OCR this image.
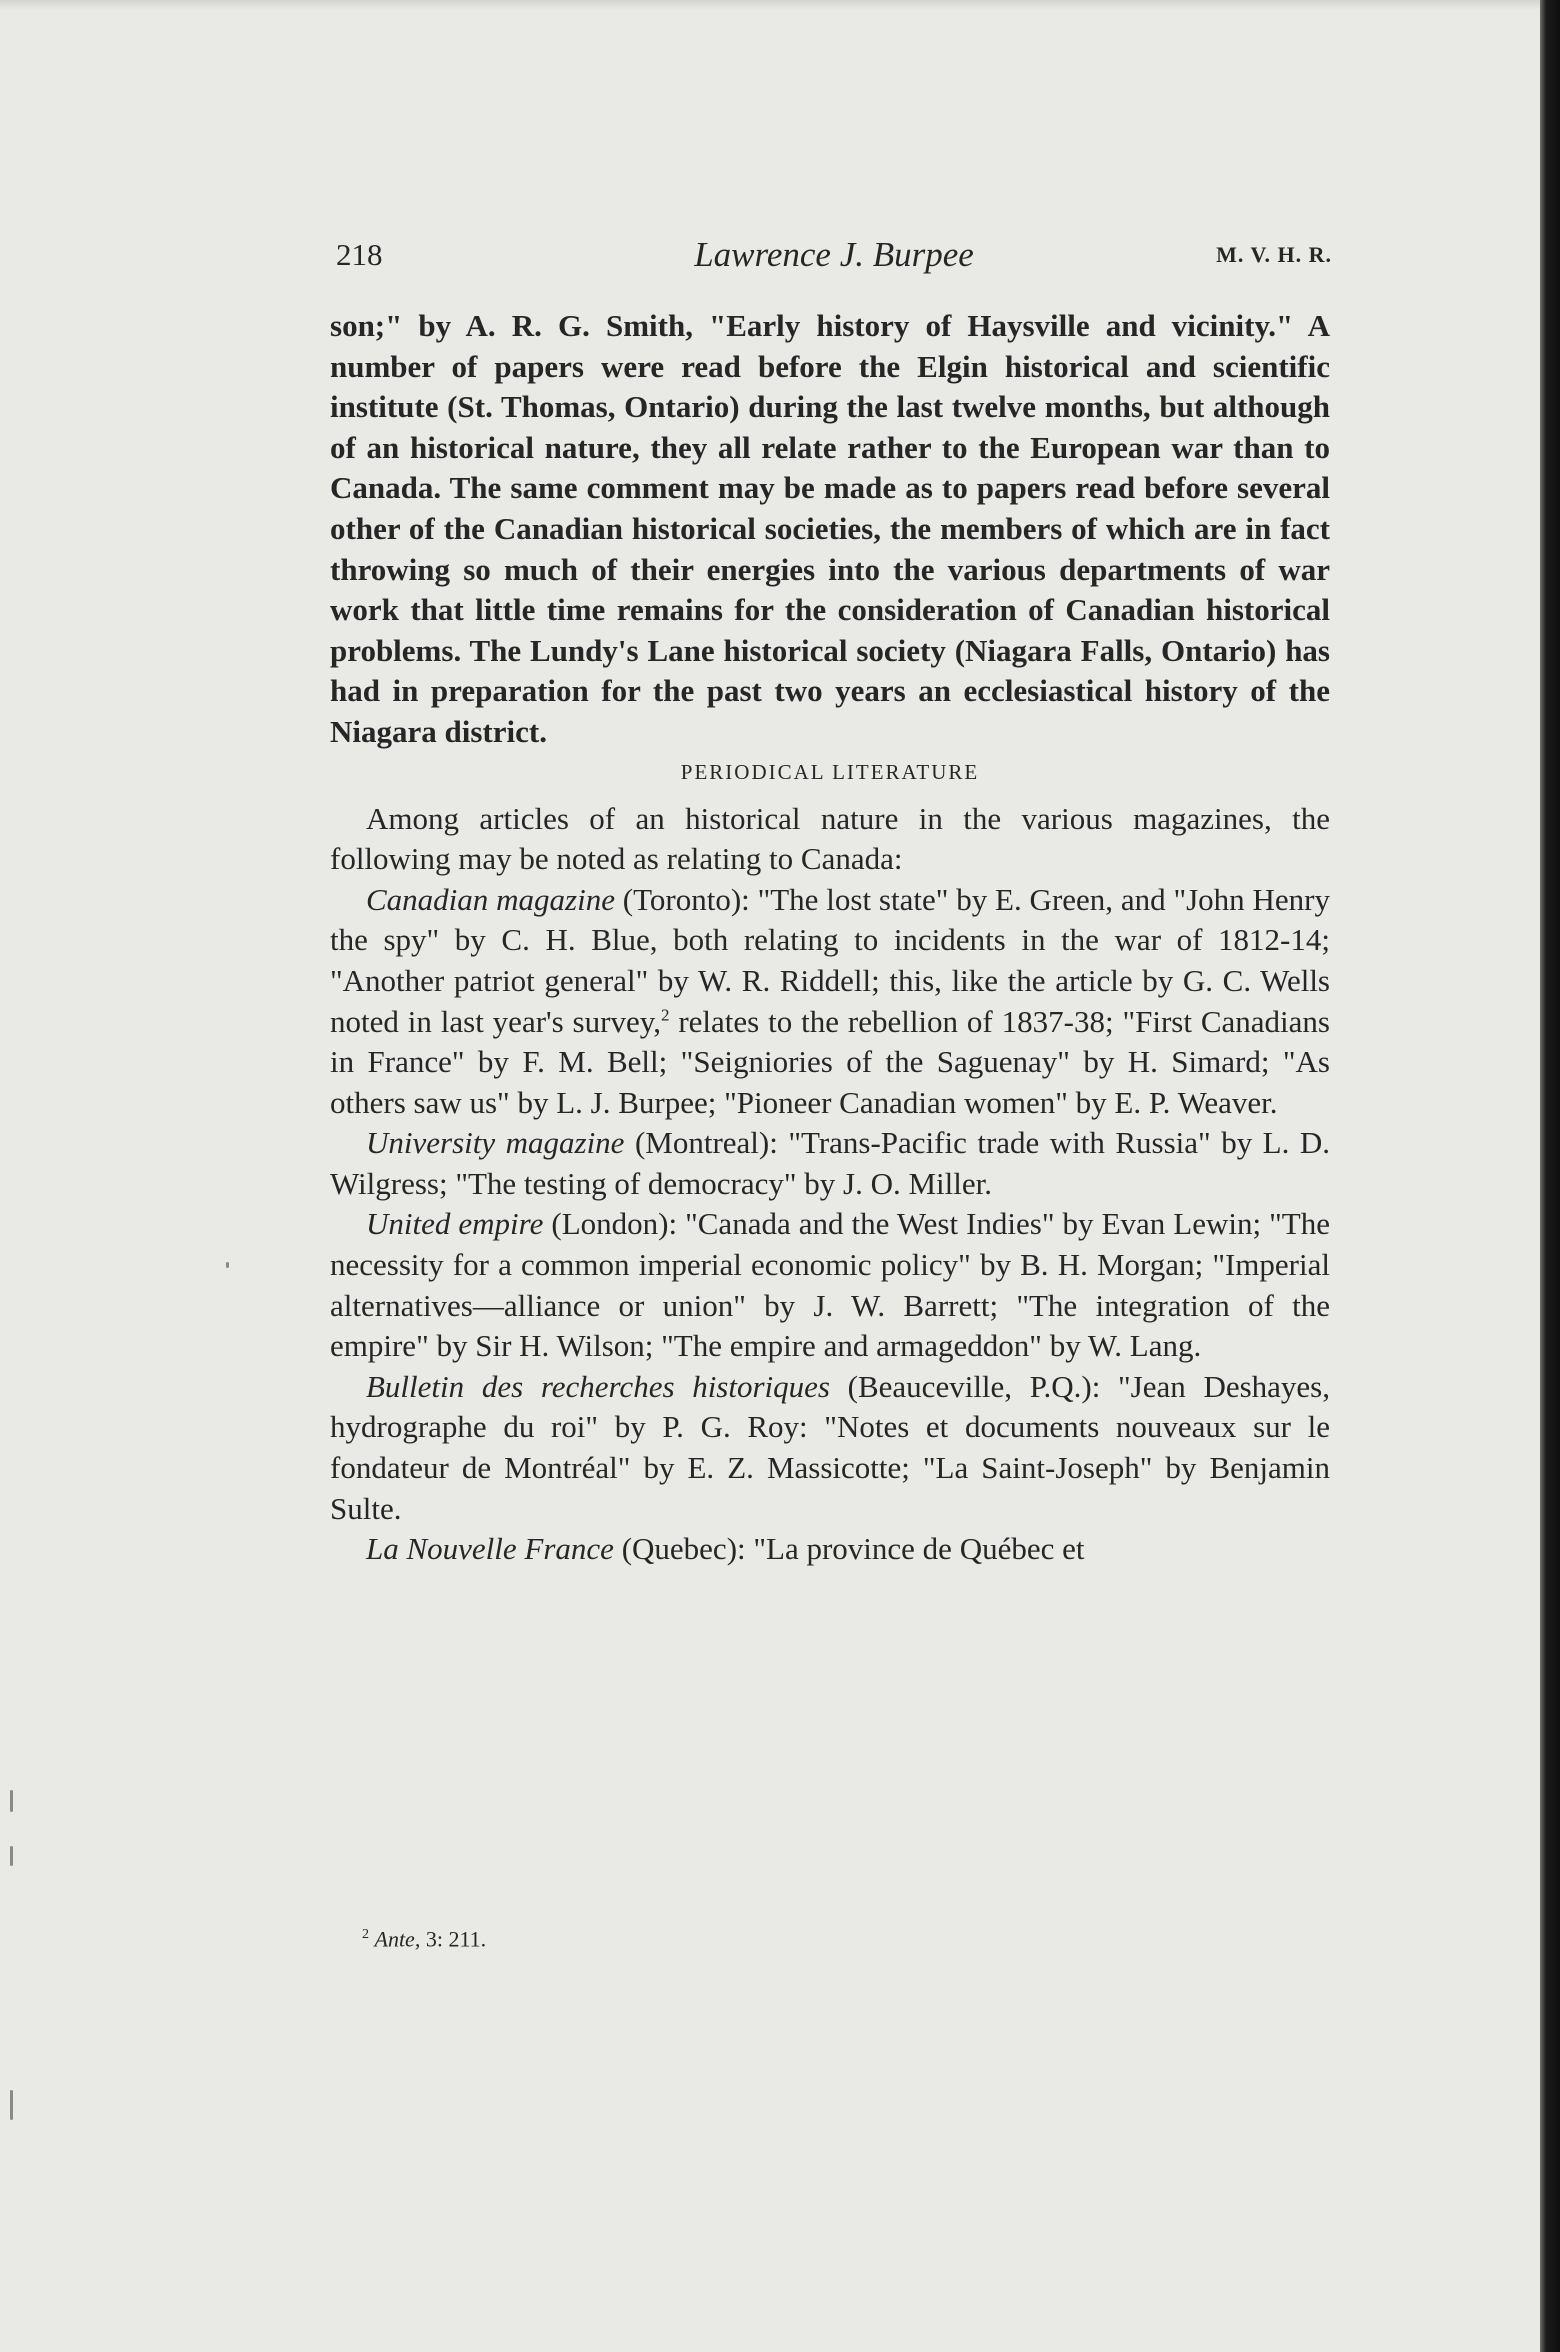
218	Lawrence J. Burpee	M. V. H. R.

son;" by A. R. G. Smith, "Early history of Haysville and vicinity." A number of papers were read before the Elgin historical and scientific institute (St. Thomas, Ontario) during the last twelve months, but although of an historical nature, they all relate rather to the European war than to Canada. The same comment may be made as to papers read before several other of the Canadian historical societies, the members of which are in fact throwing so much of their energies into the various departments of war work that little time remains for the consideration of Canadian historical problems. The Lundy's Lane historical society (Niagara Falls, Ontario) has had in preparation for the past two years an ecclesiastical history of the Niagara district.

PERIODICAL LITERATURE

Among articles of an historical nature in the various magazines, the following may be noted as relating to Canada:

Canadian magazine (Toronto): "The lost state" by E. Green, and "John Henry the spy" by C. H. Blue, both relating to incidents in the war of 1812-14; "Another patriot general" by W. R. Riddell; this, like the article by G. C. Wells noted in last year's survey,$^2$ relates to the rebellion of 1837-38; "First Canadians in France" by F. M. Bell; "Seigniories of the Saguenay" by H. Simard; "As others saw us" by L. J. Burpee; "Pioneer Canadian women" by E. P. Weaver.

University magazine (Montreal): "Trans-Pacific trade with Russia" by L. D. Wilgress; "The testing of democracy" by J. O. Miller.

United empire (London): "Canada and the West Indies" by Evan Lewin; "The necessity for a common imperial economic policy" by B. H. Morgan; "Imperial alternatives—alliance or union" by J. W. Barrett; "The integration of the empire" by Sir H. Wilson; "The empire and armageddon" by W. Lang.

Bulletin des recherches historiques (Beauceville, P.Q.): "Jean Deshayes, hydrographe du roi" by P. G. Roy: "Notes et documents nouveaux sur le fondateur de Montréal" by E. Z. Massicotte; "La Saint-Joseph" by Benjamin Sulte.

La Nouvelle France (Quebec): "La province de Québec et

$^2$ Ante, 3: 211.
